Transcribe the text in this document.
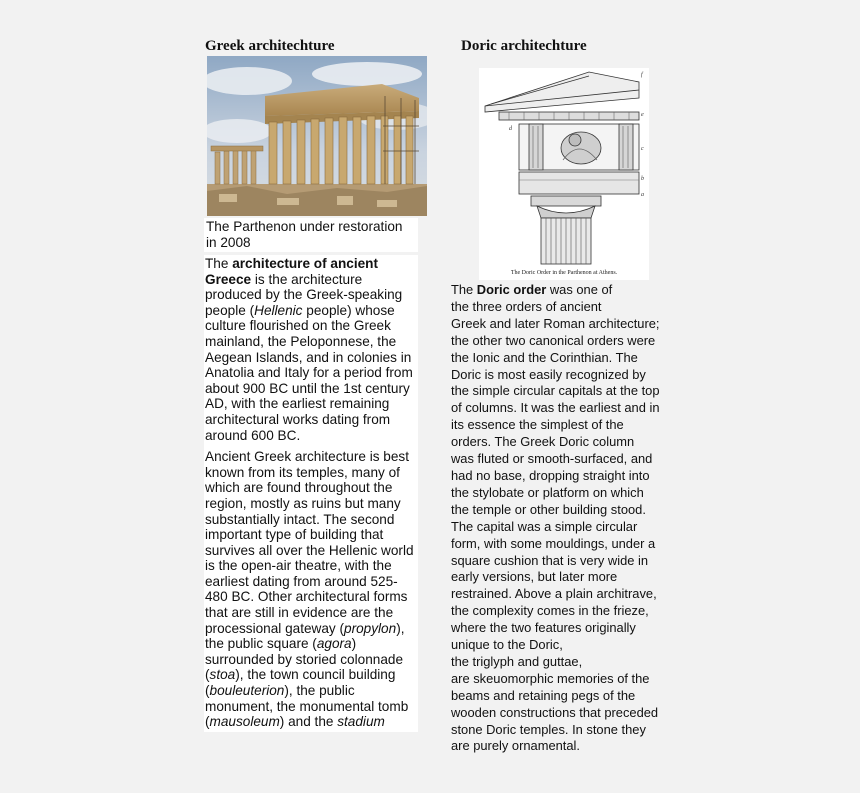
Greek architechture	Doric architechture
The Parthenon under restoration
in 2008

The architecture of ancient Greece is the architecture produced by the Greek-speaking people (Hellenic people) whose culture flourished on the Greek mainland, the Peloponnese, the Aegean Islands, and in colonies in Anatolia and Italy for a period from about 900 BC until the 1st century AD, with the earliest remaining architectural works dating from around 600 BC.

Ancient Greek architecture is best known from its temples, many of which are found throughout the region, mostly as ruins but many substantially intact. The second important type of building that survives all over the Hellenic world is the open-air theatre, with the earliest dating from around 525-480 BC. Other architectural forms that are still in evidence are the processional gateway (propylon), the public square (agora) surrounded by storied colonnade (stoa), the town council building (bouleuterion), the public monument, the monumental tomb (mausoleum) and the stadium

f
e
d
c
b
a
The Doric Order in the Parthenon at Athens.
The Doric order was one of
the three orders of ancient
Greek and later Roman architecture;
the other two canonical orders were
the Ionic and the Corinthian. The
Doric is most easily recognized by
the simple circular capitals at the top
of columns. It was the earliest and in
its essence the simplest of the
orders. The Greek Doric column
was fluted or smooth-surfaced, and
had no base, dropping straight into
the stylobate or platform on which
the temple or other building stood.
The capital was a simple circular
form, with some mouldings, under a
square cushion that is very wide in
early versions, but later more
restrained. Above a plain architrave,
the complexity comes in the frieze,
where the two features originally
unique to the Doric,
the triglyph and guttae,
are skeuomorphic memories of the
beams and retaining pegs of the
wooden constructions that preceded
stone Doric temples. In stone they
are purely ornamental.
